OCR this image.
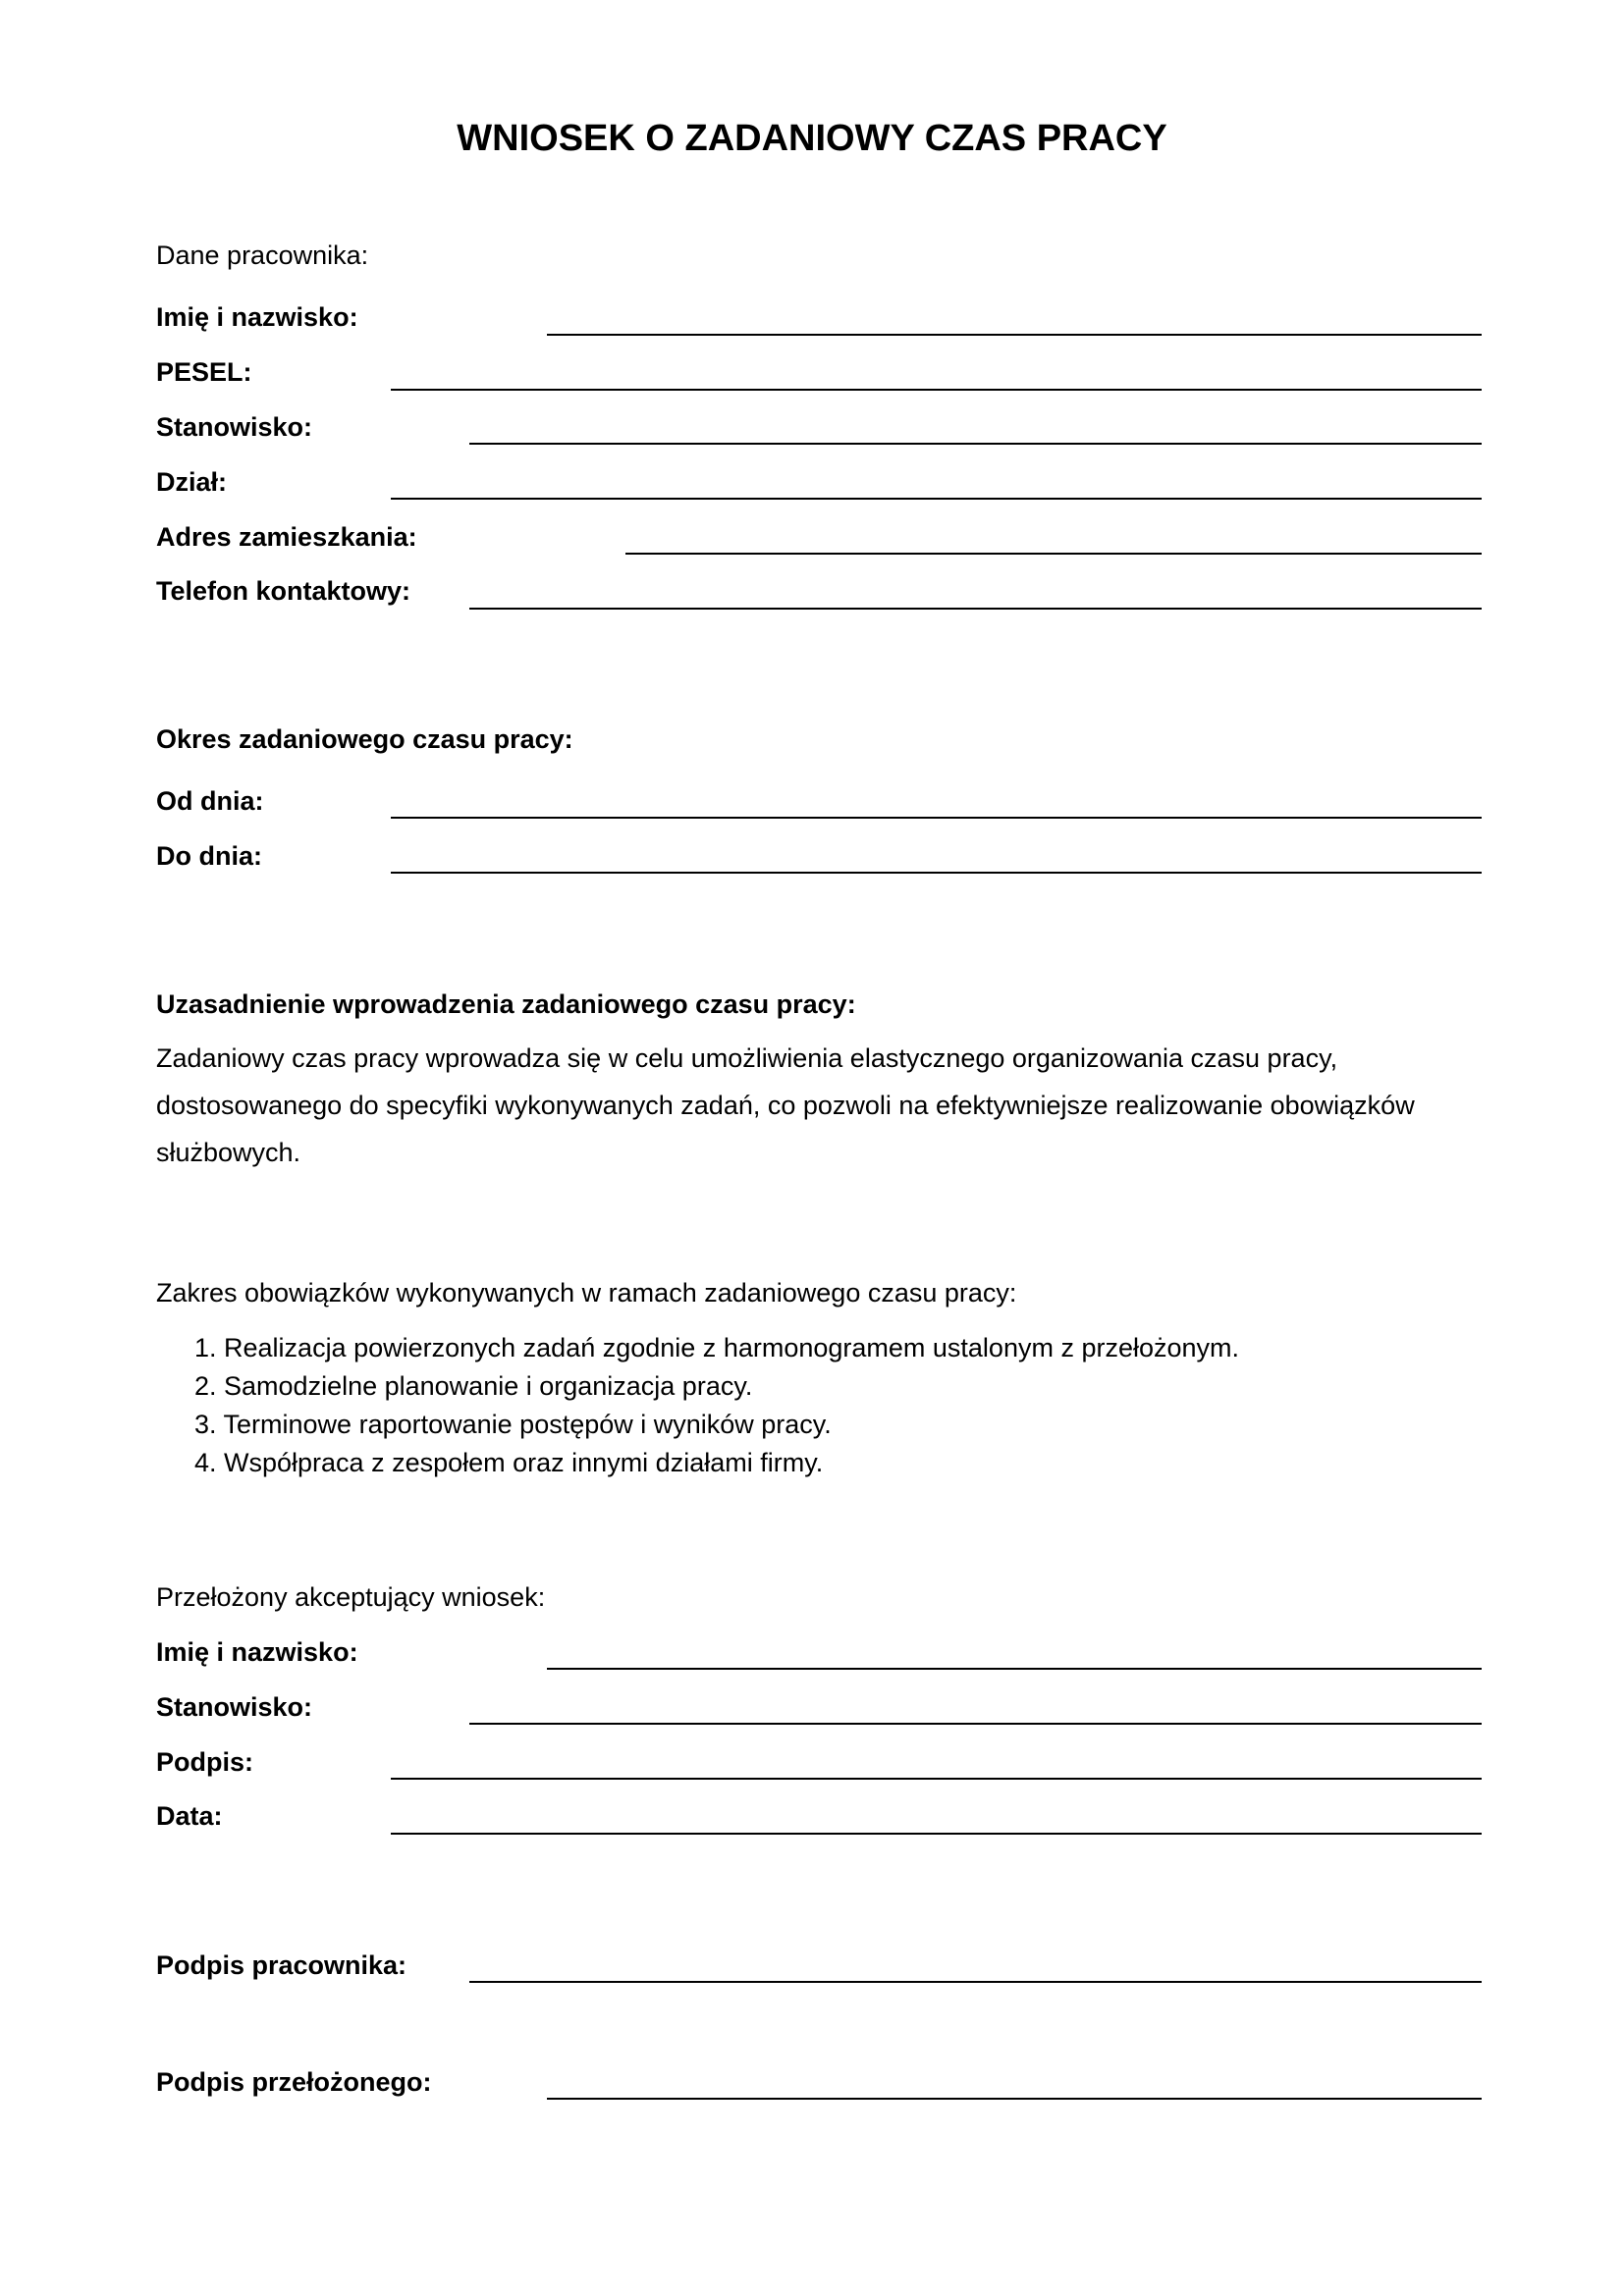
WNIOSEK O ZADANIOWY CZAS PRACY
Dane pracownika:
Imię i nazwisko:
PESEL:
Stanowisko:
Dział:
Adres zamieszkania:
Telefon kontaktowy:
Okres zadaniowego czasu pracy:
Od dnia:
Do dnia:
Uzasadnienie wprowadzenia zadaniowego czasu pracy:

Zadaniowy czas pracy wprowadza się w celu umożliwienia elastycznego organizowania czasu pracy,

dostosowanego do specyfiki wykonywanych zadań, co pozwoli na efektywniejsze realizowanie obowiązków

służbowych.

Zakres obowiązków wykonywanych w ramach zadaniowego czasu pracy:
1. Realizacja powierzonych zadań zgodnie z harmonogramem ustalonym z przełożonym.
2. Samodzielne planowanie i organizacja pracy.
3. Terminowe raportowanie postępów i wyników pracy.
4. Współpraca z zespołem oraz innymi działami firmy.
Przełożony akceptujący wniosek:
Imię i nazwisko:
Stanowisko:
Podpis:
Data:
Podpis pracownika:
Podpis przełożonego:
